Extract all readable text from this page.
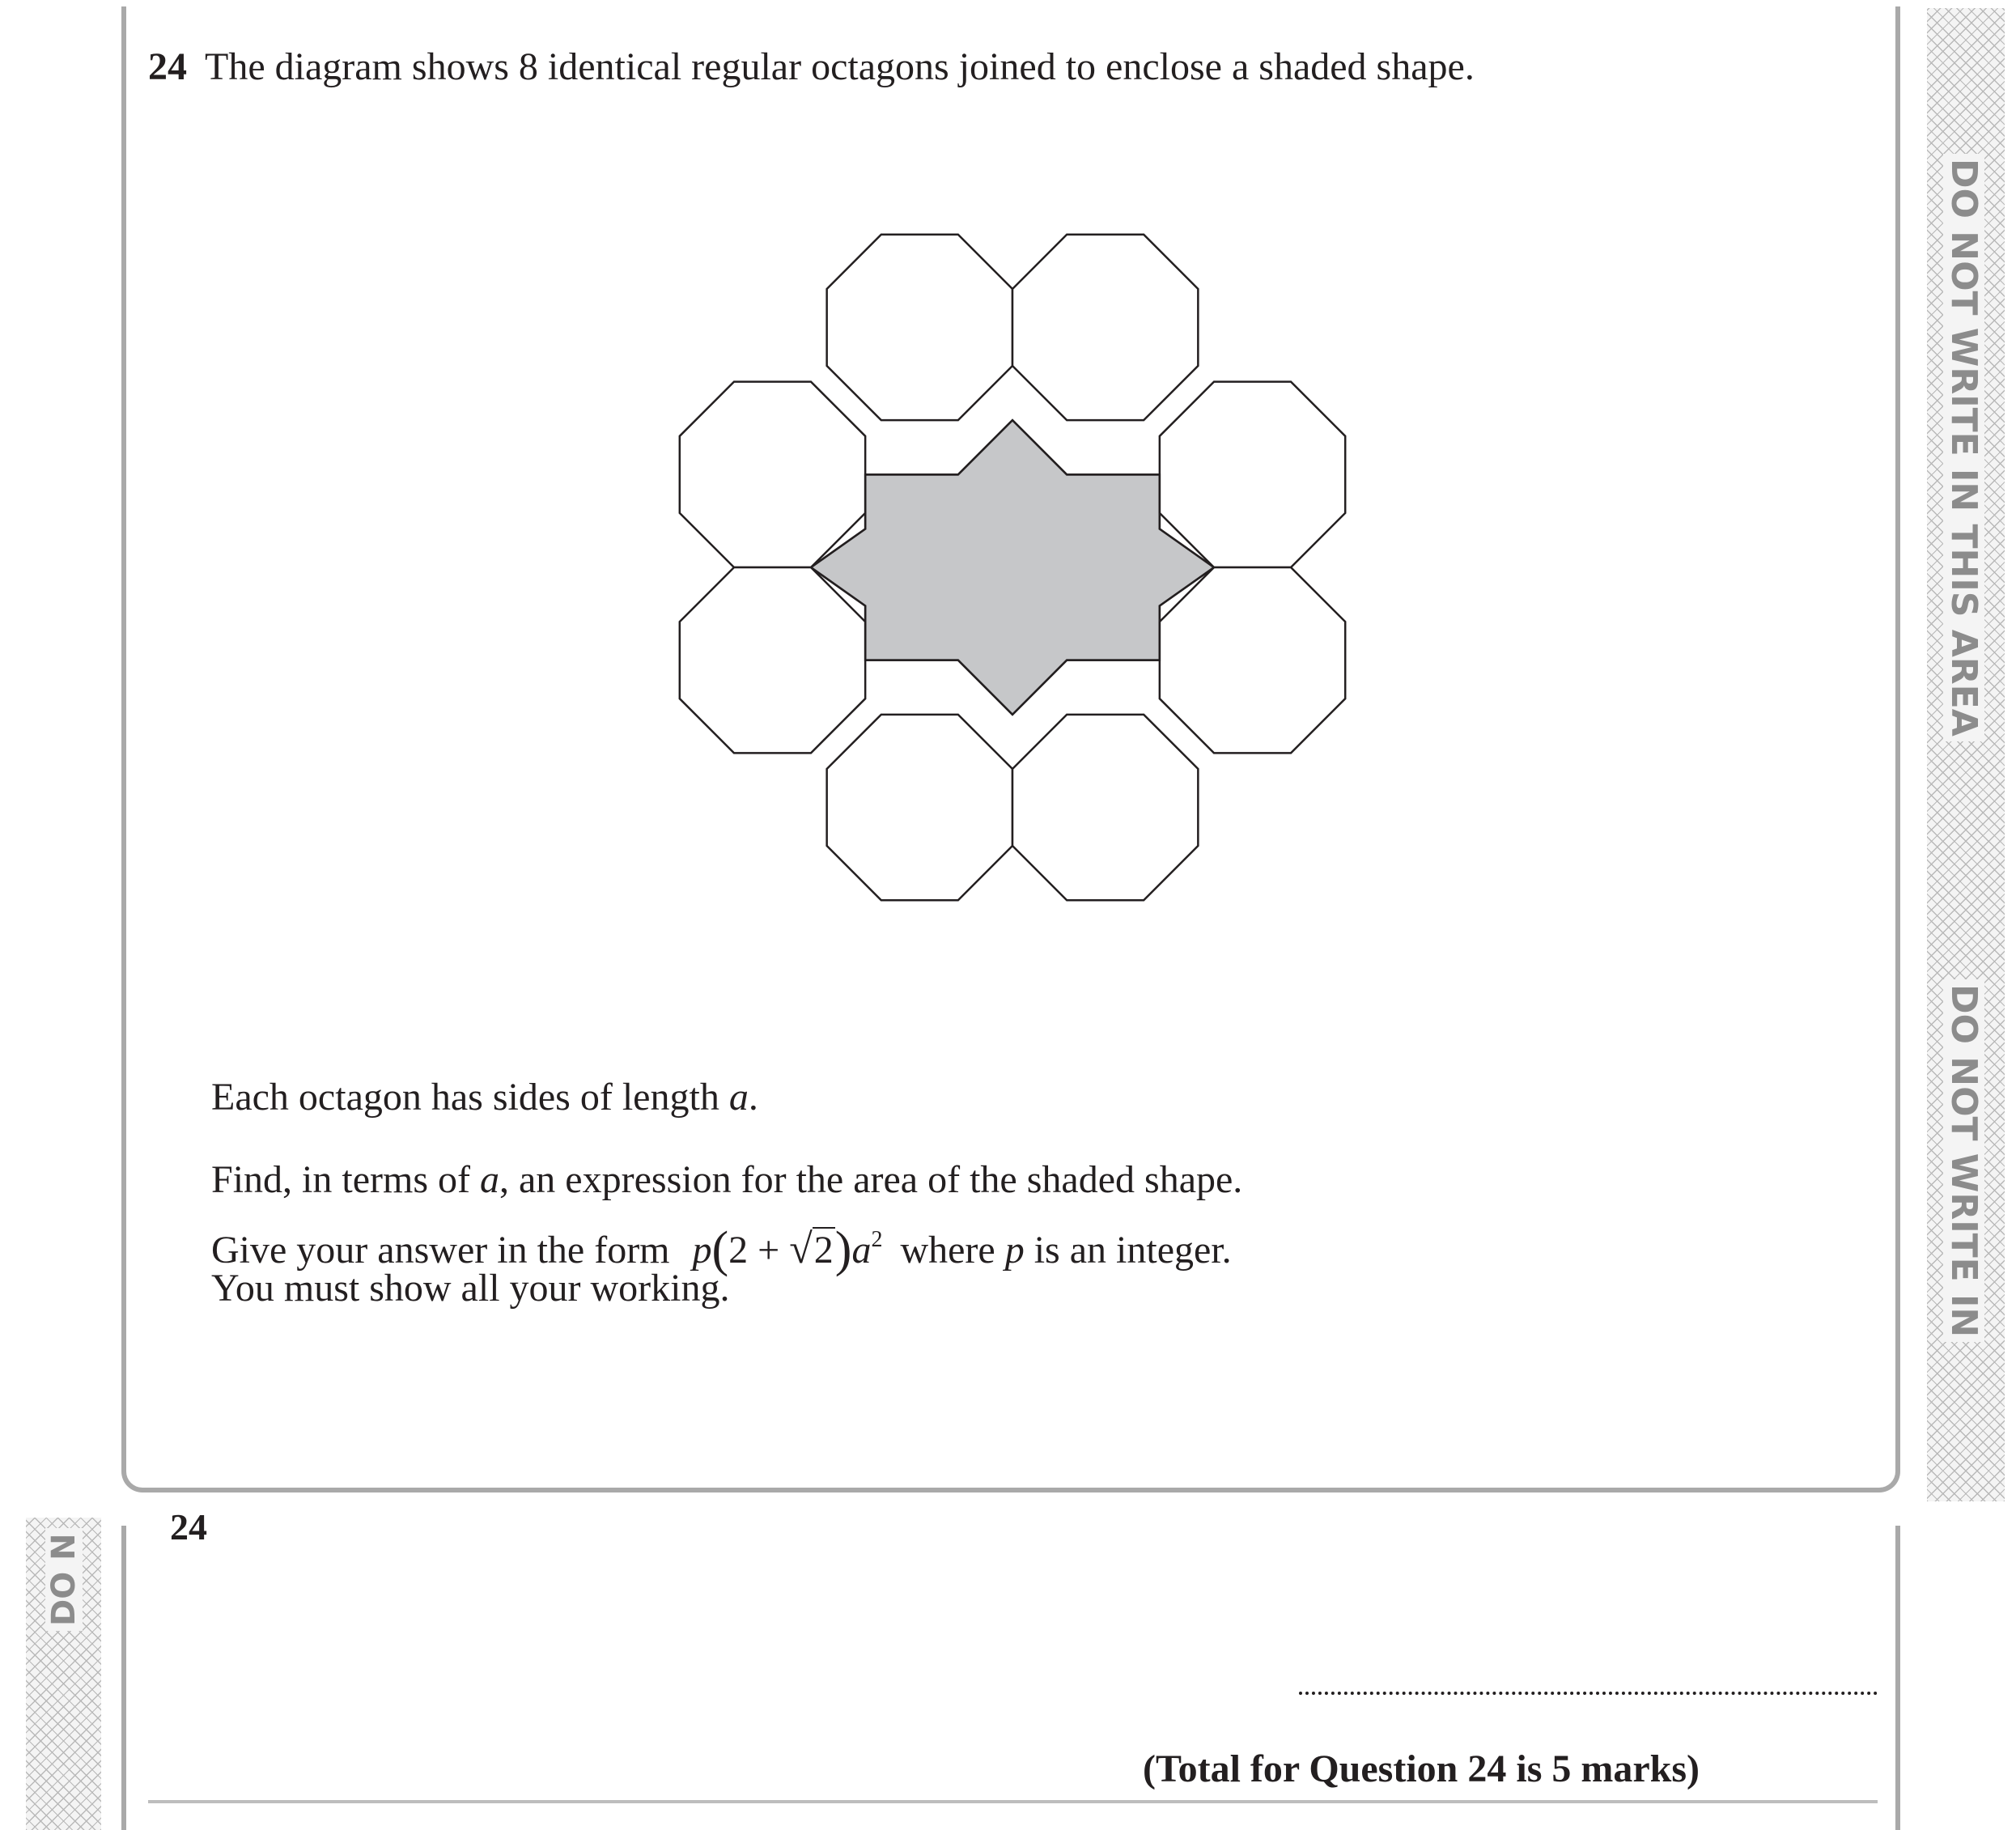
DO NOT WRITE IN THIS AREA
DO NOT WRITE IN
DO N
24 The diagram shows 8 identical regular octagons joined to enclose a shaded shape.
Each octagon has sides of length a.
Find, in terms of a, an expression for the area of the shaded shape.
Give your answer in the form $p(2 + √2)a^2$ where p is an integer.
You must show all your working.
24
(Total for Question 24 is 5 marks)
